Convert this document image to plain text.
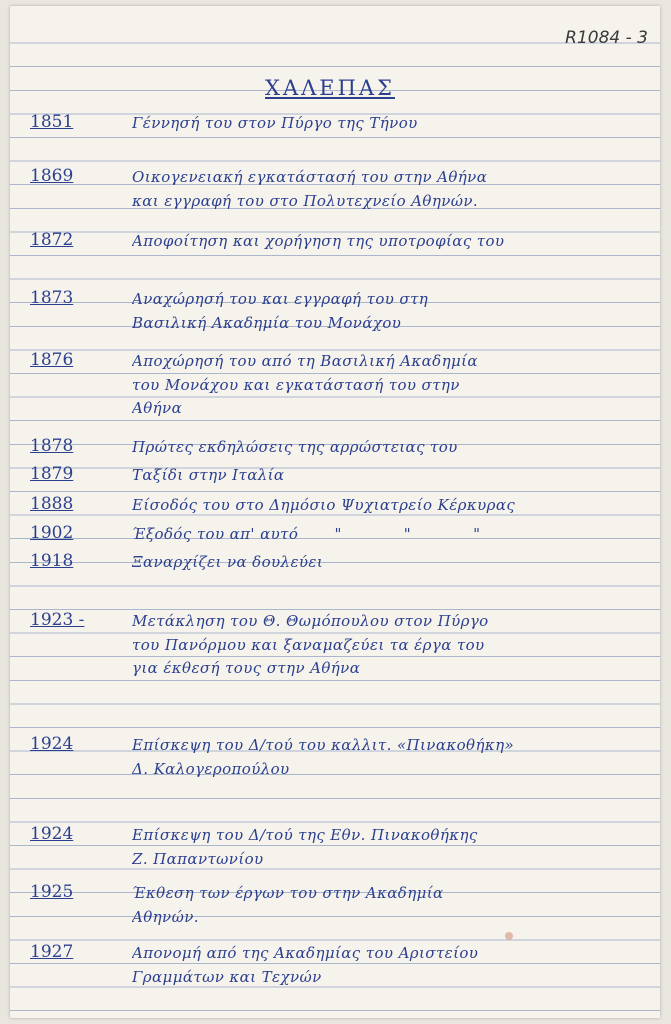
R1084 - 3
ΧΑΛΕΠΑΣ
1851	Γέννησή του στον Πύργο της Τήνου
1869	Οικογενειακή εγκατάστασή του στην Αθήνα
και εγγραφή του στο Πολυτεχνείο Αθηνών.
1872	Αποφοίτηση και χορήγηση της υποτροφίας του
1873	Αναχώρησή του και εγγραφή του στη
Βασιλική Ακαδημία του Μονάχου
1876	Αποχώρησή του από τη Βασιλική Ακαδημία
του Μονάχου και εγκατάστασή του στην
Αθήνα
1878	Πρώτες εκδηλώσεις της αρρώστειας του
1879	Ταξίδι στην Ιταλία
1888	Είσοδός του στο Δημόσιο Ψυχιατρείο Κέρκυρας
1902	Έξοδός του απ' αυτό       "            "            "
1918	Ξαναρχίζει να δουλεύει
1923 -	Μετάκληση του Θ. Θωμόπουλου στον Πύργο
του Πανόρμου και ξαναμαζεύει τα έργα του
για έκθεσή τους στην Αθήνα
1924	Επίσκεψη του Δ/τού του καλλιτ. «Πινακοθήκη»
Δ. Καλογεροπούλου
1924	Επίσκεψη του Δ/τού της Εθν. Πινακοθήκης
Ζ. Παπαντωνίου
1925	Έκθεση των έργων του στην Ακαδημία
Αθηνών.
1927	Απονομή από της Ακαδημίας του Αριστείου
Γραμμάτων και Τεχνών
